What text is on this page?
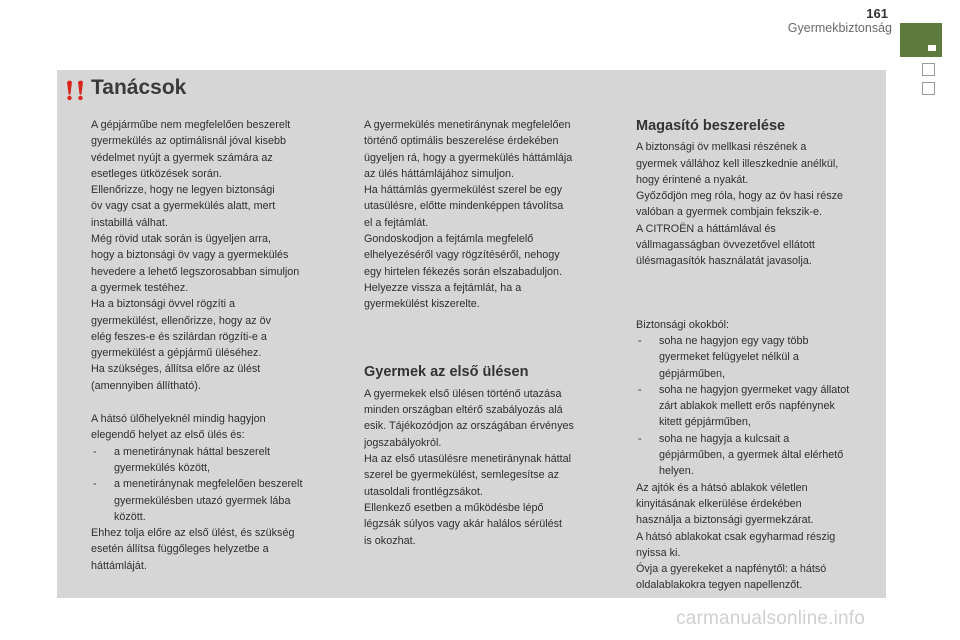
161
Gyermekbiztonság
Tanácsok

A gépjárműbe nem megfelelően beszerelt
gyermekülés az optimálisnál jóval kisebb
védelmet nyújt a gyermek számára az
esetleges ütközések során.
Ellenőrizze, hogy ne legyen biztonsági
öv vagy csat a gyermekülés alatt, mert
instabillá válhat.
Még rövid utak során is ügyeljen arra,
hogy a biztonsági öv vagy a gyermekülés
hevedere a lehető legszorosabban simuljon
a gyermek testéhez.
Ha a biztonsági övvel rögzíti a
gyermekülést, ellenőrizze, hogy az öv
elég feszes-e és szilárdan rögzíti-e a
gyermekülést a gépjármű üléséhez.
Ha szükséges, állítsa előre az ülést
(amennyiben állítható).

A hátsó ülőhelyeknél mindig hagyjon
elegendő helyet az első ülés és:

- a menetiránynak háttal beszerelt
gyermekülés között,
- a menetiránynak megfelelően beszerelt
gyermekülésben utazó gyermek lába
között.

Ehhez tolja előre az első ülést, és szükség
esetén állítsa függőleges helyzetbe a
háttámláját.

A gyermekülés menetiránynak megfelelően
történő optimális beszerelése érdekében
ügyeljen rá, hogy a gyermekülés háttámlája
az ülés háttámlájához simuljon.
Ha háttámlás gyermekülést szerel be egy
utasülésre, előtte mindenképpen távolítsa
el a fejtámlát.
Gondoskodjon a fejtámla megfelelő
elhelyezéséről vagy rögzítéséről, nehogy
egy hirtelen fékezés során elszabaduljon.
Helyezze vissza a fejtámlát, ha a
gyermekülést kiszerelte.

Gyermek az első ülésen

A gyermekek első ülésen történő utazása
minden országban eltérő szabályozás alá
esik. Tájékozódjon az országában érvényes
jogszabályokról.
Ha az első utasülésre menetiránynak háttal
szerel be gyermekülést, semlegesítse az
utasoldali frontlégzsákot.
Ellenkező esetben a működésbe lépő
légzsák súlyos vagy akár halálos sérülést
is okozhat.

Magasító beszerelése

A biztonsági öv mellkasi részének a
gyermek vállához kell illeszkednie anélkül,
hogy érintené a nyakát.
Győződjön meg róla, hogy az öv hasi része
valóban a gyermek combjain fekszik-e.
A CITROËN a háttámlával és
vállmagasságban övvezetővel ellátott
ülésmagasítók használatát javasolja.

Biztonsági okokból:

- soha ne hagyjon egy vagy több
gyermeket felügyelet nélkül a
gépjárműben,
- soha ne hagyjon gyermeket vagy állatot
zárt ablakok mellett erős napfénynek
kitett gépjárműben,
- soha ne hagyja a kulcsait a
gépjárműben, a gyermek által elérhető
helyen.

Az ajtók és a hátsó ablakok véletlen
kinyitásának elkerülése érdekében
használja a biztonsági gyermekzárat.
A hátsó ablakokat csak egyharmad részig
nyissa ki.
Óvja a gyerekeket a napfénytől: a hátsó
oldalablakokra tegyen napellenzőt.

carmanualsonline.info
